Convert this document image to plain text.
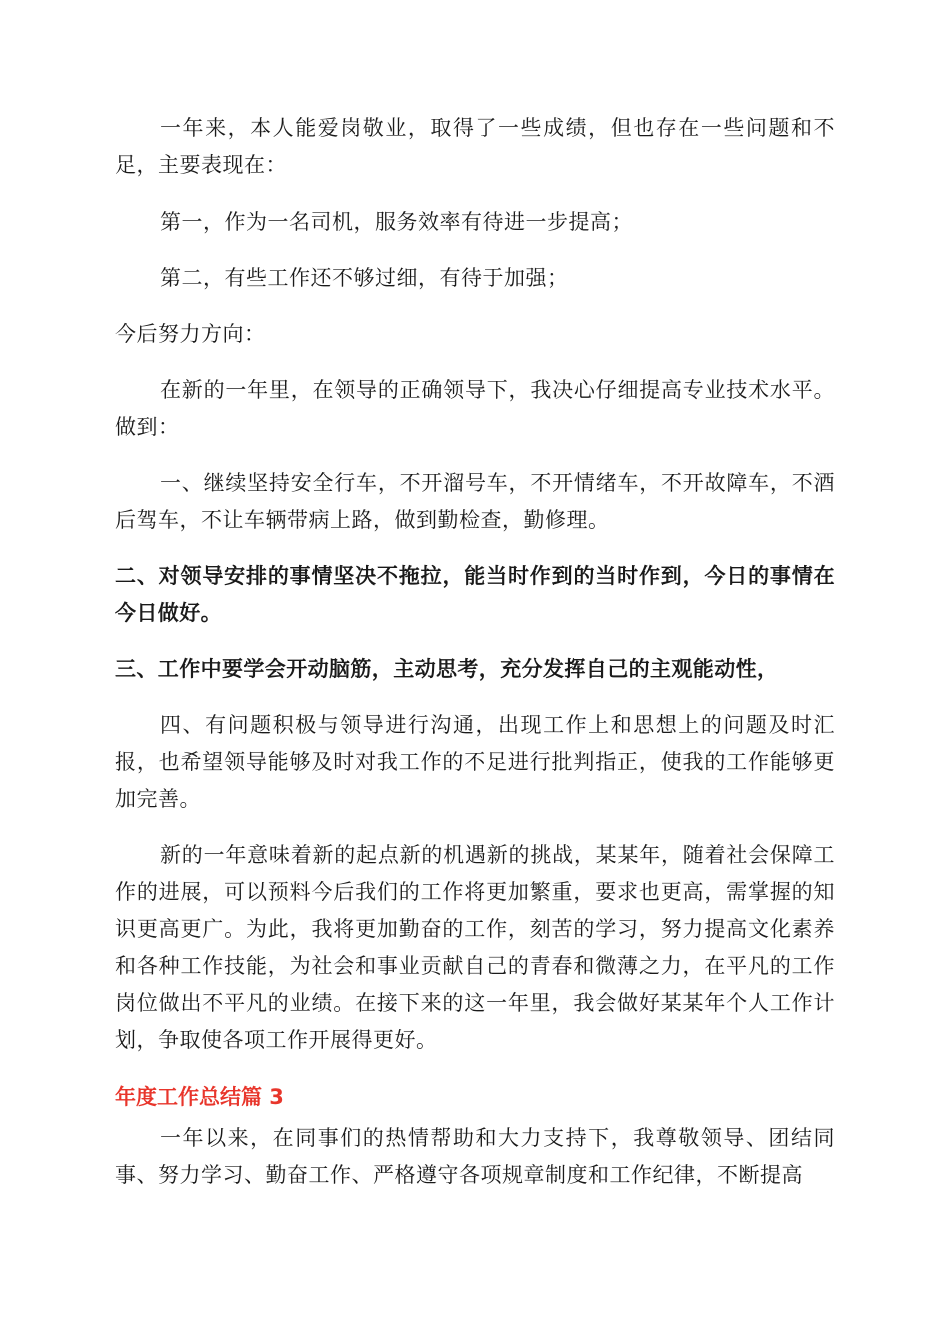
一年来，本人能爱岗敬业，取得了一些成绩，但也存在一些问题和不足，主要表现在：

第一，作为一名司机，服务效率有待进一步提高；

第二，有些工作还不够过细，有待于加强；

今后努力方向：

在新的一年里，在领导的正确领导下，我决心仔细提高专业技术水平。做到：

一、继续坚持安全行车，不开溜号车，不开情绪车，不开故障车，不酒后驾车，不让车辆带病上路，做到勤检查，勤修理。

二、对领导安排的事情坚决不拖拉，能当时作到的当时作到，今日的事情在今日做好。

三、工作中要学会开动脑筋，主动思考，充分发挥自己的主观能动性，

四、有问题积极与领导进行沟通，出现工作上和思想上的问题及时汇报，也希望领导能够及时对我工作的不足进行批判指正，使我的工作能够更加完善。

新的一年意味着新的起点新的机遇新的挑战，某某年，随着社会保障工作的进展，可以预料今后我们的工作将更加繁重，要求也更高，需掌握的知识更高更广。为此，我将更加勤奋的工作，刻苦的学习，努力提高文化素养和各种工作技能，为社会和事业贡献自己的青春和微薄之力，在平凡的工作岗位做出不平凡的业绩。在接下来的这一年里，我会做好某某年个人工作计划，争取使各项工作开展得更好。

年度工作总结篇 3

一年以来，在同事们的热情帮助和大力支持下，我尊敬领导、团结同事、努力学习、勤奋工作、严格遵守各项规章制度和工作纪律，不断提高
